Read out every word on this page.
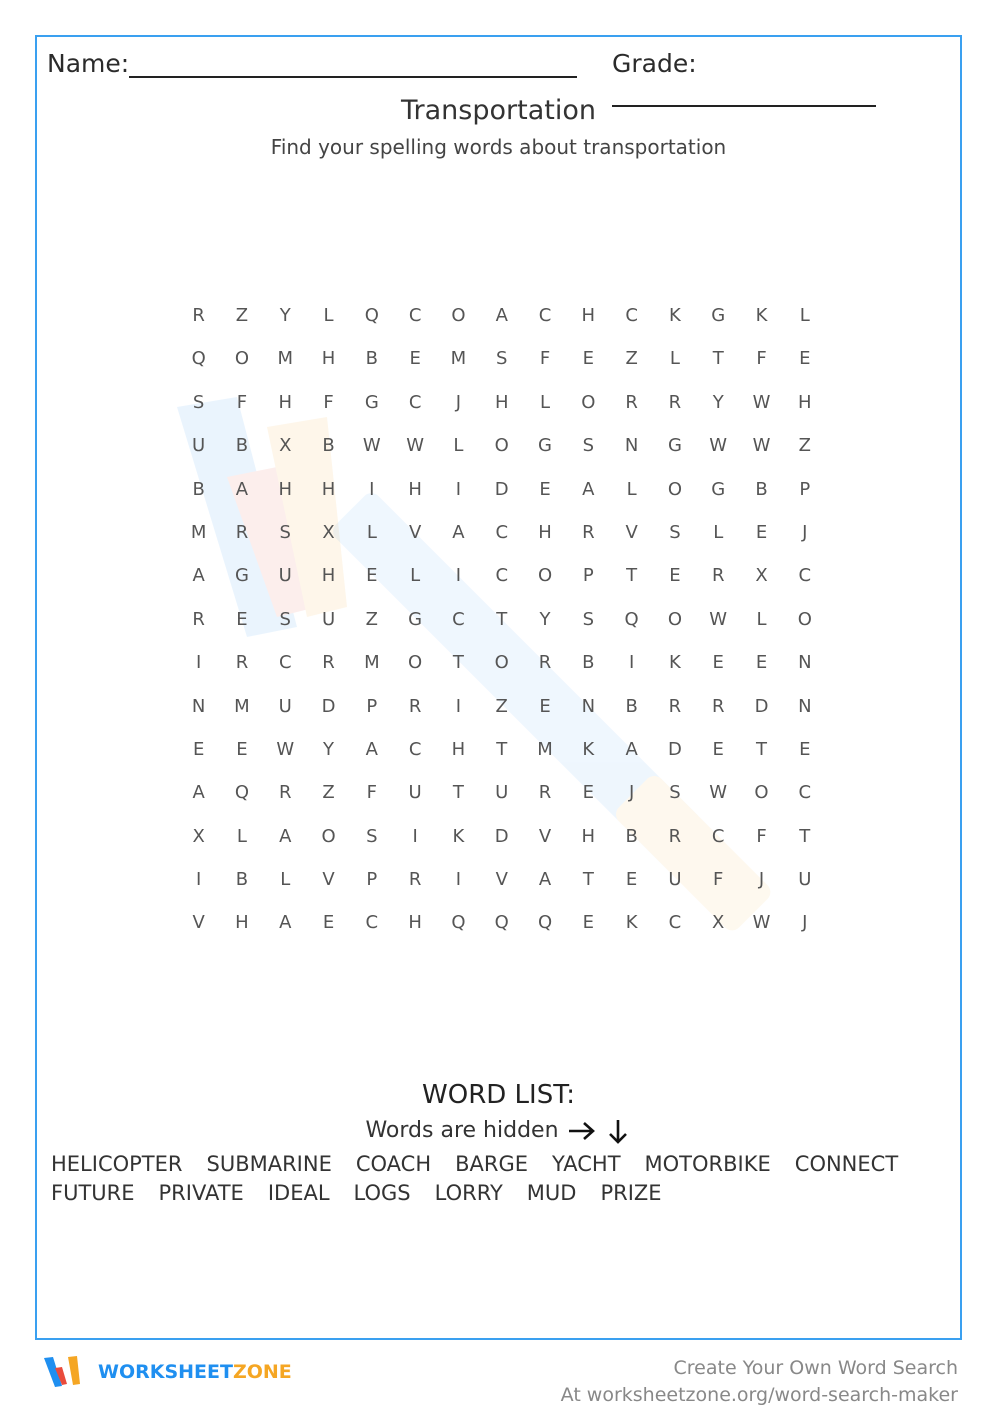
Name:	Grade:
Transportation
Find your spelling words about transportation
R	Z	Y	L	Q	C	O	A	C	H	C	K	G	K	L
Q	O	M	H	B	E	M	S	F	E	Z	L	T	F	E
S	F	H	F	G	C	J	H	L	O	R	R	Y	W	H
U	B	X	B	W	W	L	O	G	S	N	G	W	W	Z
B	A	H	H	I	H	I	D	E	A	L	O	G	B	P
M	R	S	X	L	V	A	C	H	R	V	S	L	E	J
A	G	U	H	E	L	I	C	O	P	T	E	R	X	C
R	E	S	U	Z	G	C	T	Y	S	Q	O	W	L	O
I	R	C	R	M	O	T	O	R	B	I	K	E	E	N
N	M	U	D	P	R	I	Z	E	N	B	R	R	D	N
E	E	W	Y	A	C	H	T	M	K	A	D	E	T	E
A	Q	R	Z	F	U	T	U	R	E	J	S	W	O	C
X	L	A	O	S	I	K	D	V	H	B	R	C	F	T
I	B	L	V	P	R	I	V	A	T	E	U	F	J	U
V	H	A	E	C	H	Q	Q	Q	E	K	C	X	W	J
WORD LIST:
Words are hidden
HELICOPTER SUBMARINE COACH BARGE YACHT MOTORBIKE CONNECT
FUTURE PRIVATE IDEAL LOGS LORRY MUD PRIZE
WORKSHEETZONE	Create Your Own Word Search
At worksheetzone.org/word-search-maker
